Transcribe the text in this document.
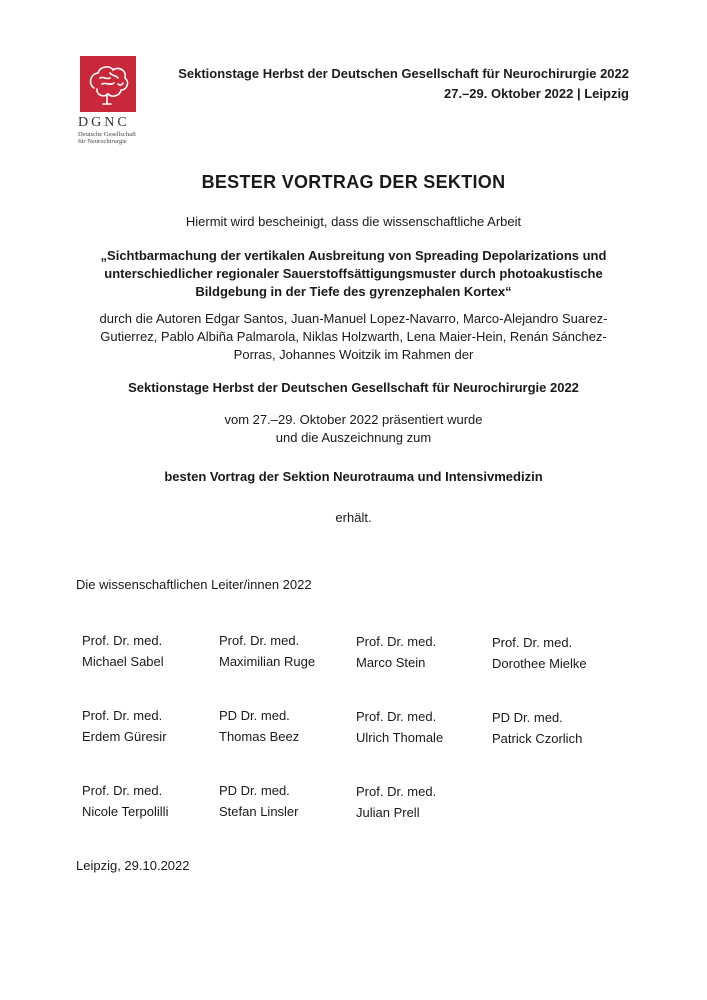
DGNC
Deutsche Gesellschaft
für Neurochirurgie
Sektionstage Herbst der Deutschen Gesellschaft für Neurochirurgie 2022
27.–29. Oktober 2022 | Leipzig
BESTER VORTRAG DER SEKTION
Hiermit wird bescheinigt, dass die wissenschaftliche Arbeit
„Sichtbarmachung der vertikalen Ausbreitung von Spreading Depolarizations und
unterschiedlicher regionaler Sauerstoffsättigungsmuster durch photoakustische
Bildgebung in der Tiefe des gyrenzephalen Kortex“
durch die Autoren Edgar Santos, Juan-Manuel Lopez-Navarro, Marco-Alejandro Suarez-
Gutierrez, Pablo Albiña Palmarola, Niklas Holzwarth, Lena Maier-Hein, Renán Sánchez-
Porras, Johannes Woitzik im Rahmen der
Sektionstage Herbst der Deutschen Gesellschaft für Neurochirurgie 2022
vom 27.–29. Oktober 2022 präsentiert wurde
und die Auszeichnung zum
besten Vortrag der Sektion Neurotrauma und Intensivmedizin
erhält.
Die wissenschaftlichen Leiter/innen 2022
Prof. Dr. med.
Michael Sabel
Prof. Dr. med.
Maximilian Ruge
Prof. Dr. med.
Marco Stein
Prof. Dr. med.
Dorothee Mielke
Prof. Dr. med.
Erdem Güresir
PD Dr. med.
Thomas Beez
Prof. Dr. med.
Ulrich Thomale
PD Dr. med.
Patrick Czorlich
Prof. Dr. med.
Nicole Terpolilli
PD Dr. med.
Stefan Linsler
Prof. Dr. med.
Julian Prell
Leipzig, 29.10.2022
